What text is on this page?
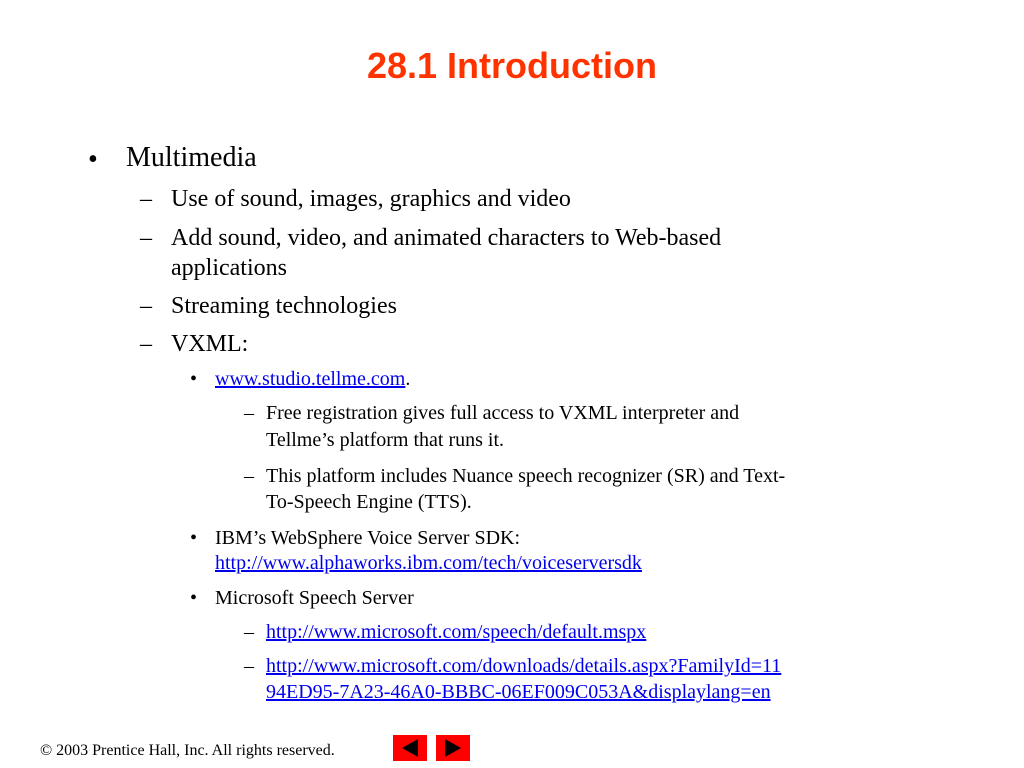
28.1 Introduction
• Multimedia
– Use of sound, images, graphics and video
– Add sound, video, and animated characters to Web-based
applications
– Streaming technologies
– VXML:
• www.studio.tellme.com.
– Free registration gives full access to VXML interpreter and
Tellme’s platform that runs it.
– This platform includes Nuance speech recognizer (SR) and Text-
To-Speech Engine (TTS).
• IBM’s WebSphere Voice Server SDK:
http://www.alphaworks.ibm.com/tech/voiceserversdk
• Microsoft Speech Server
– http://www.microsoft.com/speech/default.mspx
– http://www.microsoft.com/downloads/details.aspx?FamilyId=11
94ED95-7A23-46A0-BBBC-06EF009C053A&displaylang=en
© 2003 Prentice Hall, Inc. All rights reserved.
